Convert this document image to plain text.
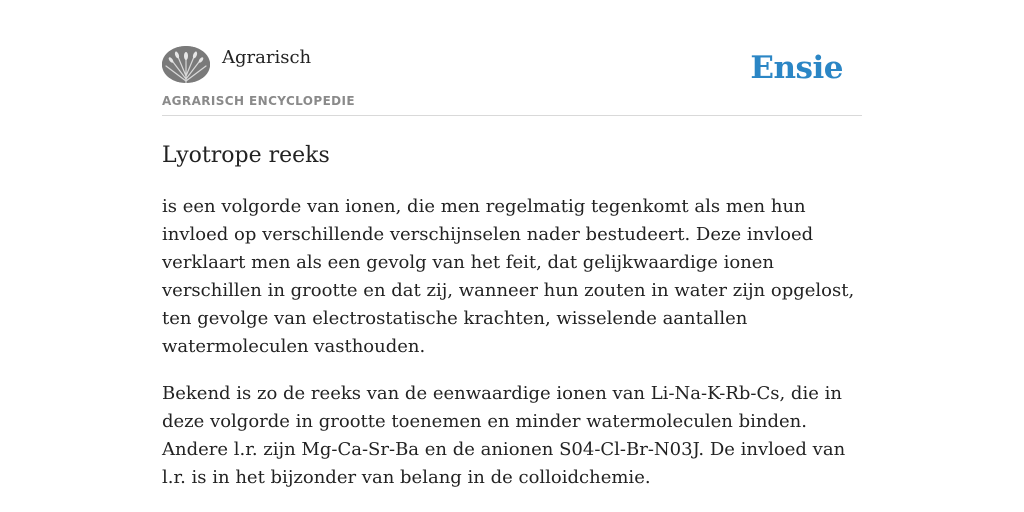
Agrarisch
AGRARISCH ENCYCLOPEDIE
Ensie
Lyotrope reeks

is een volgorde van ionen, die men regelmatig tegenkomt als men hun invloed op verschillende verschijnselen nader bestudeert. Deze invloed verklaart men als een gevolg van het feit, dat gelijkwaardige ionen verschillen in grootte en dat zij, wanneer hun zouten in water zijn opgelost, ten gevolge van electrostatische krachten, wisselende aantallen watermoleculen vasthouden.

Bekend is zo de reeks van de eenwaardige ionen van Li-Na-K-Rb-Cs, die in deze volgorde in grootte toenemen en minder watermoleculen binden. Andere l.r. zijn Mg-Ca-Sr-Ba en de anionen S04-Cl-Br-N03J. De invloed van l.r. is in het bijzonder van belang in de colloidchemie.
